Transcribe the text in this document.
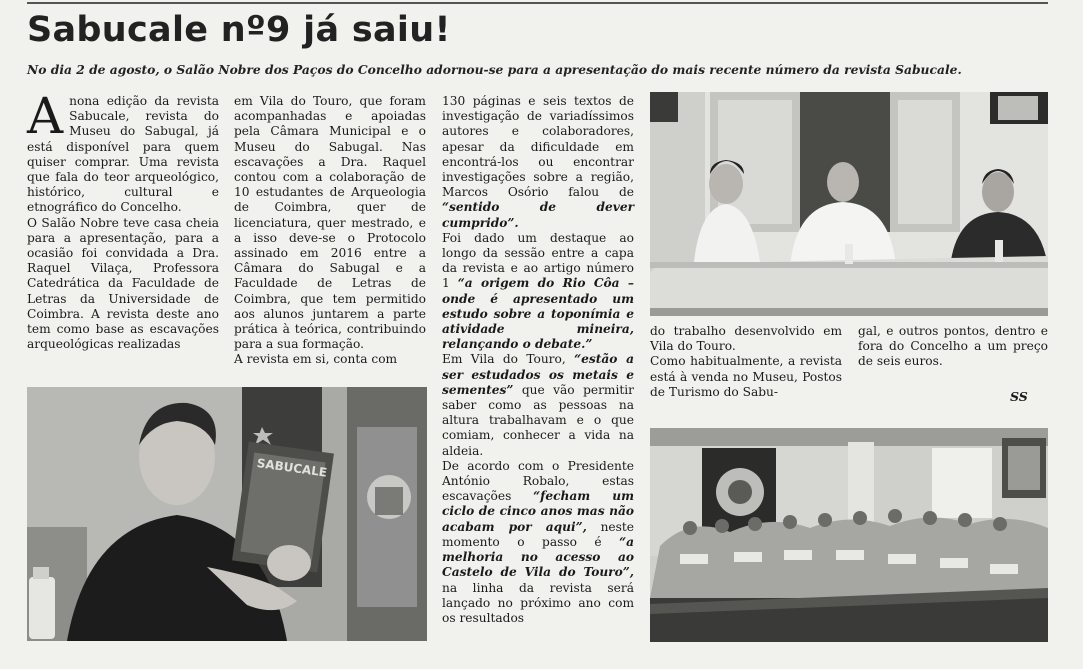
Sabucale nº9 já saiu!

No dia 2 de agosto, o Salão Nobre dos Paços do Concelho adornou-se para a apresentação do mais recente número da revista Sabucale.

Anona edição da revista Sabucale, revista do Museu do Sabugal, já está disponível para quem quiser comprar. Uma revista que fala do teor arqueológico, histórico, cultural e etnográfico do Concelho.

O Salão Nobre teve casa cheia para a apresentação, para a ocasião foi convidada a Dra. Raquel Vilaça, Professora Catedrática da Faculdade de Letras da Universidade de Coimbra. A revista deste ano tem como base as escavações arqueológicas realizadas

em Vila do Touro, que foram acompanhadas e apoiadas pela Câmara Municipal e o Museu do Sabugal. Nas escavações a Dra. Raquel contou com a colaboração de 10 estudantes de Arqueologia de Coimbra, quer de licenciatura, quer mestrado, e a isso deve-se o Protocolo assinado em 2016 entre a Câmara do Sabugal e a Faculdade de Letras de Coimbra, que tem permitido aos alunos juntarem a parte prática à teórica, contribuindo para a sua formação.

A revista em si, conta com

130 páginas e seis textos de investigação de variadíssimos autores e colaboradores, apesar da dificuldade em encontrá-los ou encontrar investigações sobre a região, Marcos Osório falou de “sentido de dever cumprido”.

Foi dado um destaque ao longo da sessão entre a capa da revista e ao artigo número 1 “a origem do Rio Côa – onde é apresentado um estudo sobre a toponímia e atividade mineira, relançando o debate.”

Em Vila do Touro, “estão a ser estudados os metais e sementes” que vão permitir saber como as pessoas na altura trabalhavam e o que comiam, conhecer a vida na aldeia.

De acordo com o Presidente António Robalo, estas escavações “fecham um ciclo de cinco anos mas não acabam por aqui”, neste momento o passo é “a melhoria no acesso ao Castelo de Vila do Touro”, na linha da revista será lançado no próximo ano com os resultados

do trabalho desenvolvido em Vila do Touro.

Como habitualmente, a revista está à venda no Museu, Postos de Turismo do Sabu-

gal, e outros pontos, dentro e fora do Concelho a um preço de seis euros.

SS
SABUCALE
